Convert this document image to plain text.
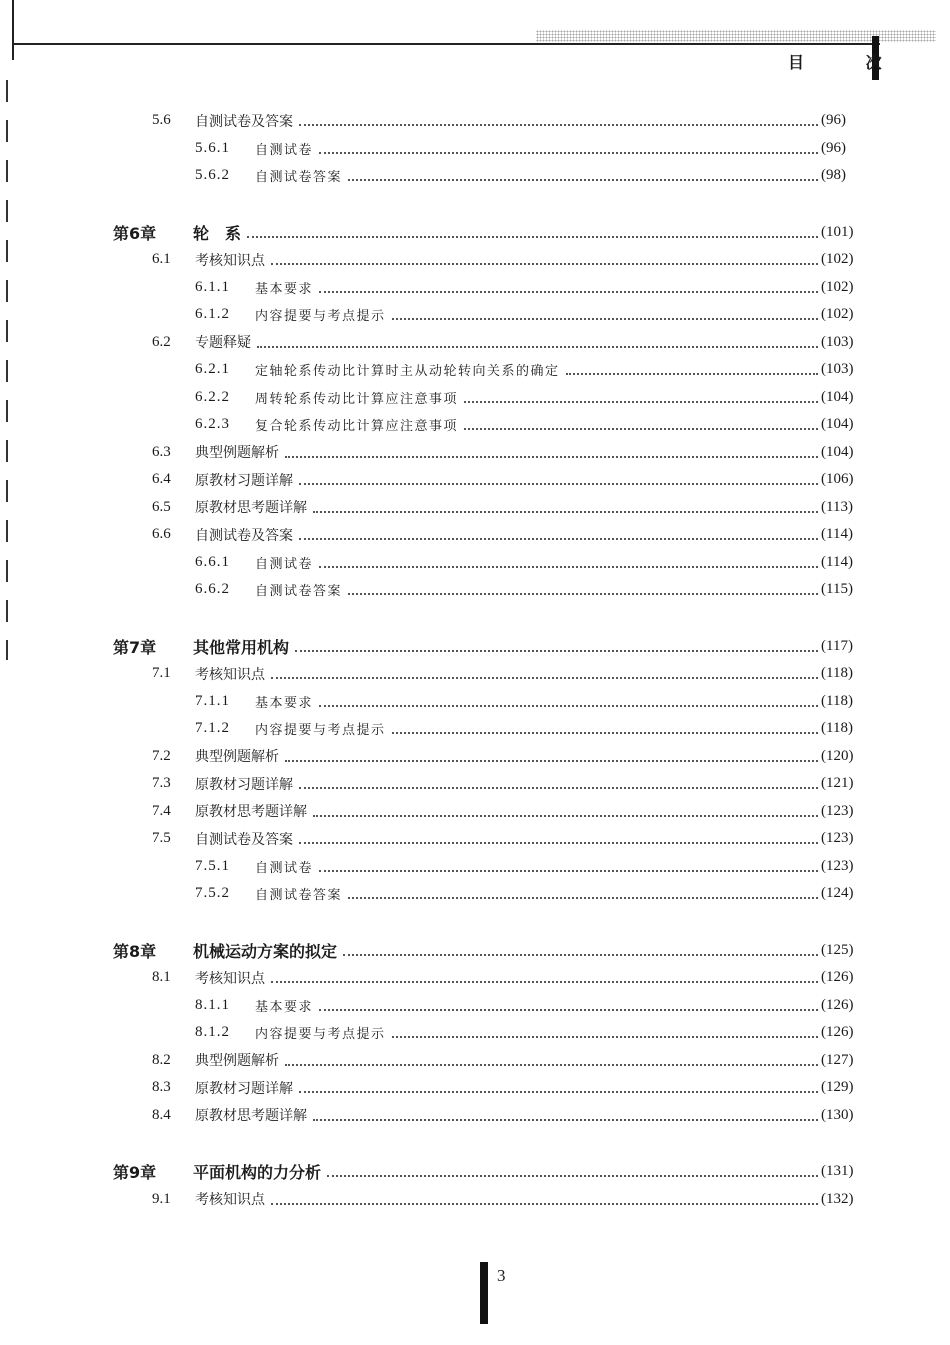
目 次
5.6 自测试卷及答案	(96)
5.6.1 自测试卷	(96)
5.6.2 自测试卷答案	(98)
第6章 轮　系	(101)
6.1 考核知识点	(102)
6.1.1 基本要求	(102)
6.1.2 内容提要与考点提示	(102)
6.2 专题释疑	(103)
6.2.1 定轴轮系传动比计算时主从动轮转向关系的确定	(103)
6.2.2 周转轮系传动比计算应注意事项	(104)
6.2.3 复合轮系传动比计算应注意事项	(104)
6.3 典型例题解析	(104)
6.4 原教材习题详解	(106)
6.5 原教材思考题详解	(113)
6.6 自测试卷及答案	(114)
6.6.1 自测试卷	(114)
6.6.2 自测试卷答案	(115)
第7章 其他常用机构	(117)
7.1 考核知识点	(118)
7.1.1 基本要求	(118)
7.1.2 内容提要与考点提示	(118)
7.2 典型例题解析	(120)
7.3 原教材习题详解	(121)
7.4 原教材思考题详解	(123)
7.5 自测试卷及答案	(123)
7.5.1 自测试卷	(123)
7.5.2 自测试卷答案	(124)
第8章 机械运动方案的拟定	(125)
8.1 考核知识点	(126)
8.1.1 基本要求	(126)
8.1.2 内容提要与考点提示	(126)
8.2 典型例题解析	(127)
8.3 原教材习题详解	(129)
8.4 原教材思考题详解	(130)
第9章 平面机构的力分析	(131)
9.1 考核知识点	(132)
3
